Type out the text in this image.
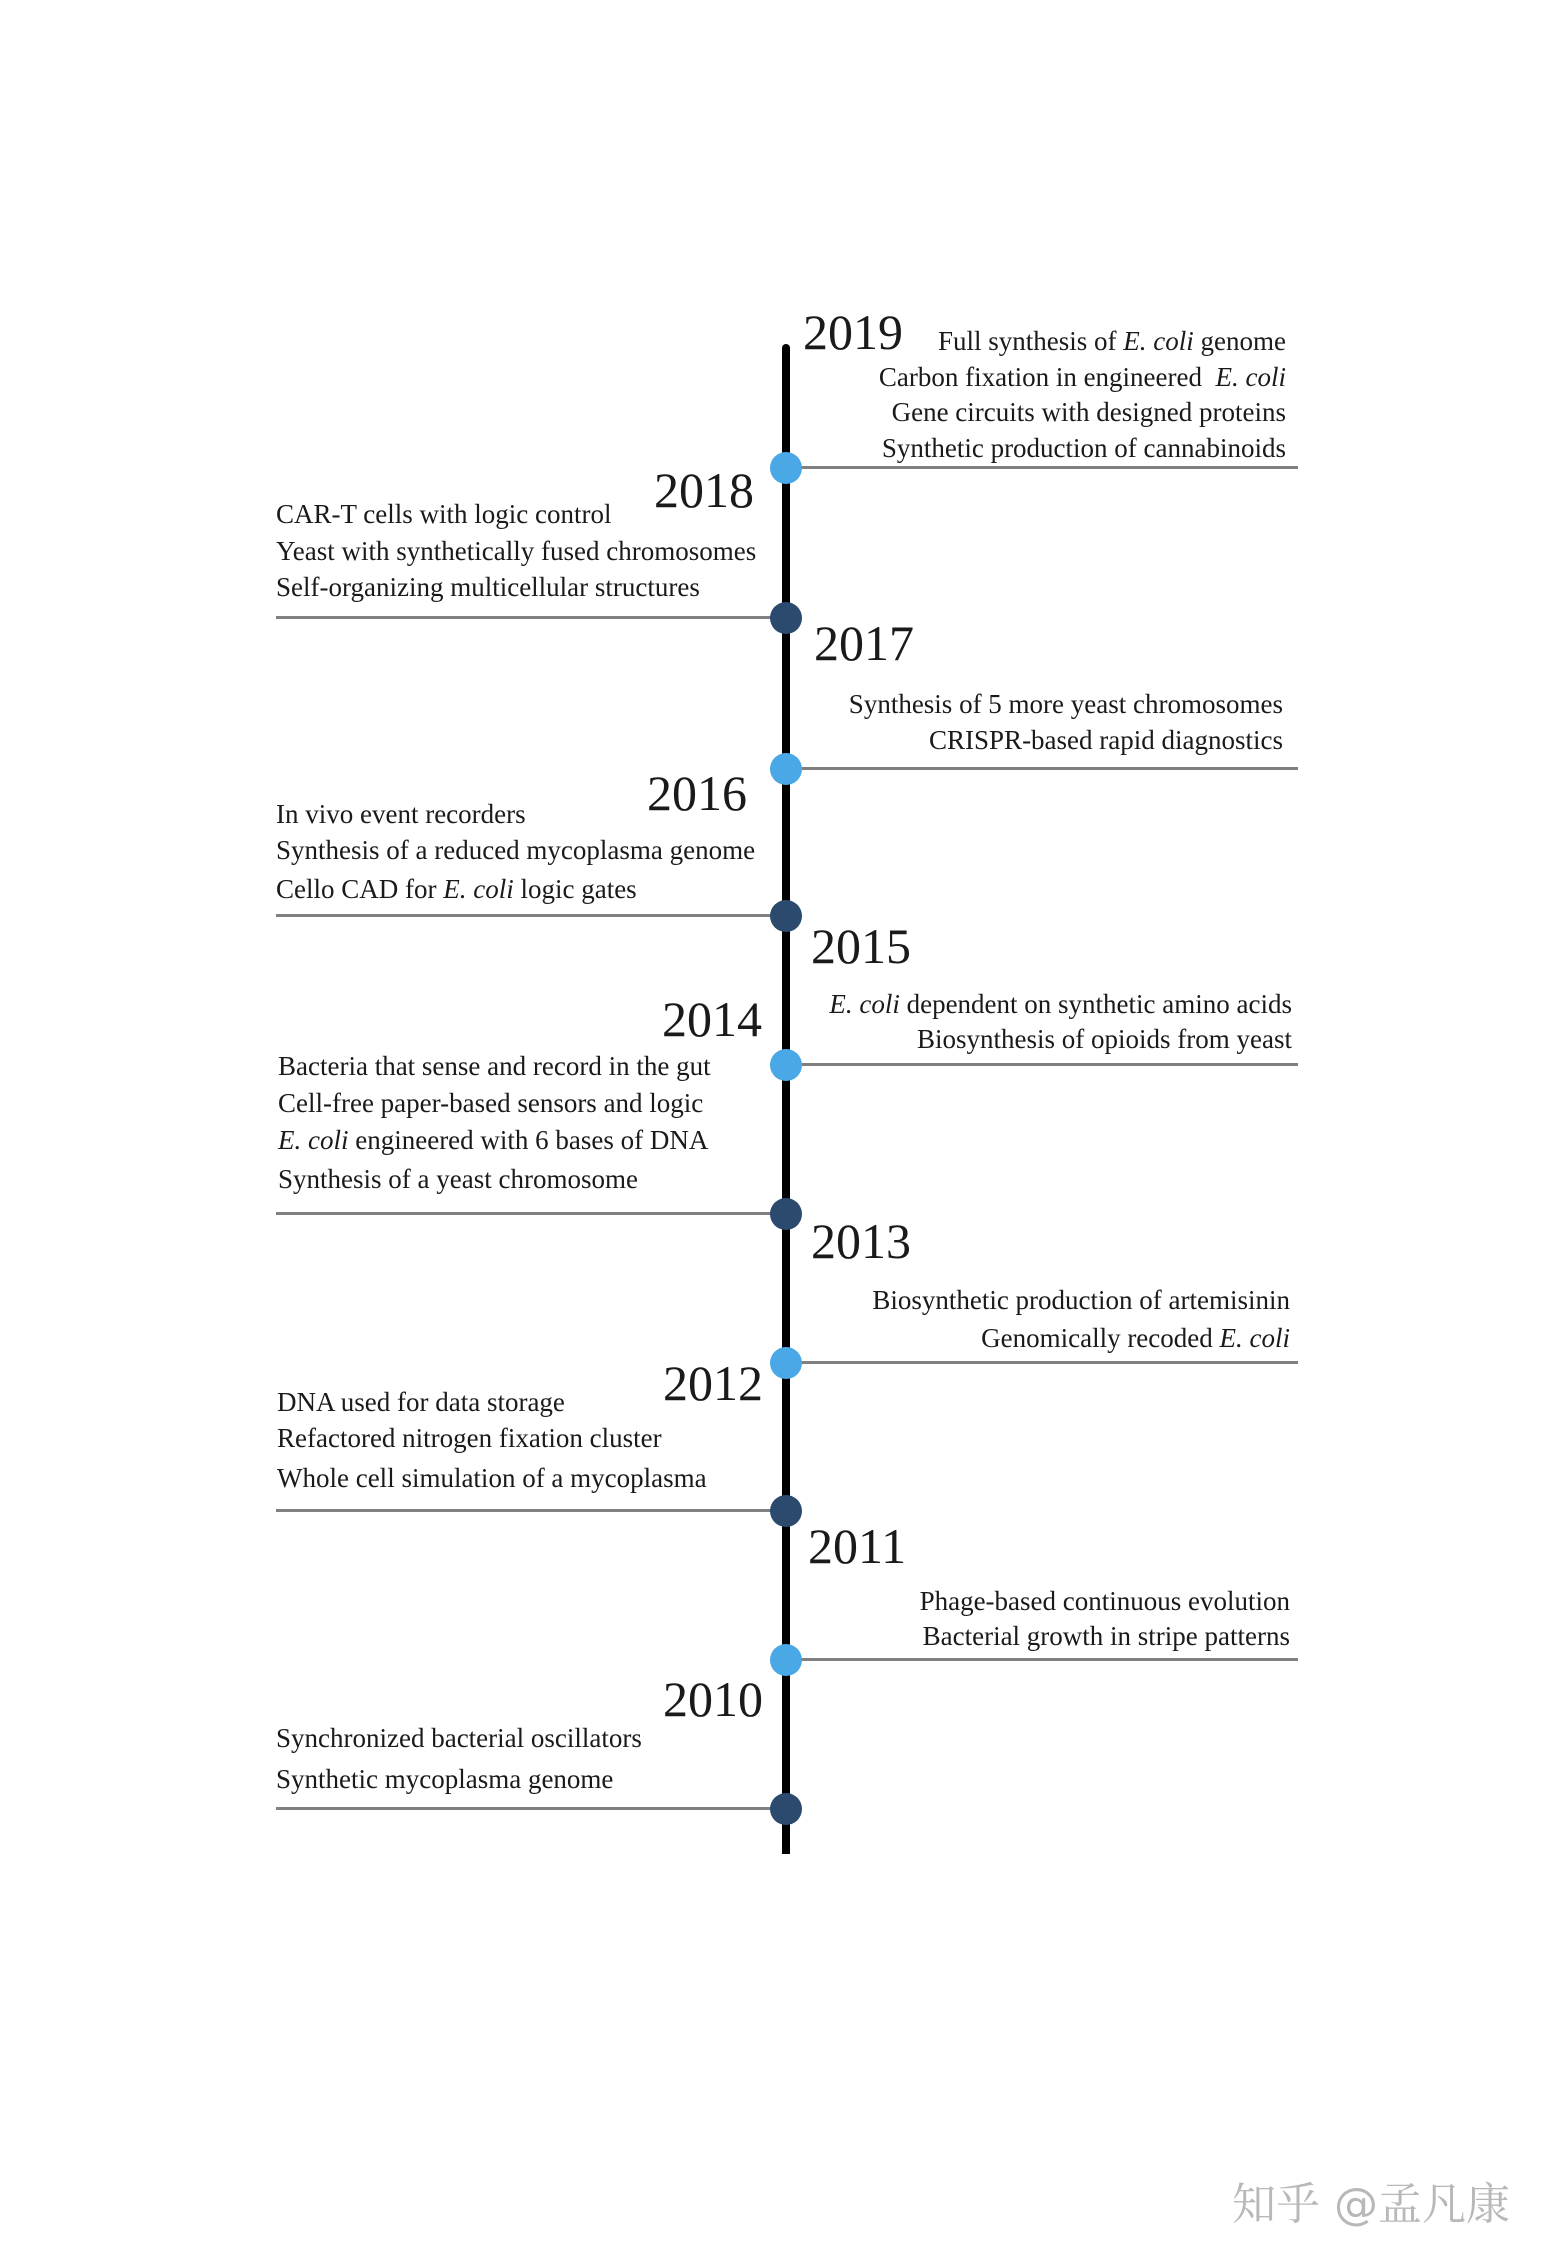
2019 Full synthesis of E. coli genome
Carbon fixation in engineered  E. coli
Gene circuits with designed proteins
Synthetic production of cannabinoids
2018
CAR-T cells with logic control
Yeast with synthetically fused chromosomes
Self-organizing multicellular structures
2017
Synthesis of 5 more yeast chromosomes
CRISPR-based rapid diagnostics
2016
In vivo event recorders
Synthesis of a reduced mycoplasma genome
Cello CAD for E. coli logic gates
2015
E. coli dependent on synthetic amino acids
Biosynthesis of opioids from yeast
2014
Bacteria that sense and record in the gut
Cell-free paper-based sensors and logic
E. coli engineered with 6 bases of DNA
Synthesis of a yeast chromosome
2013
Biosynthetic production of artemisinin
Genomically recoded E. coli
2012
DNA used for data storage
Refactored nitrogen fixation cluster
Whole cell simulation of a mycoplasma
2011
Phage-based continuous evolution
Bacterial growth in stripe patterns
2010
Synchronized bacterial oscillators
Synthetic mycoplasma genome
知乎 @孟凡康
